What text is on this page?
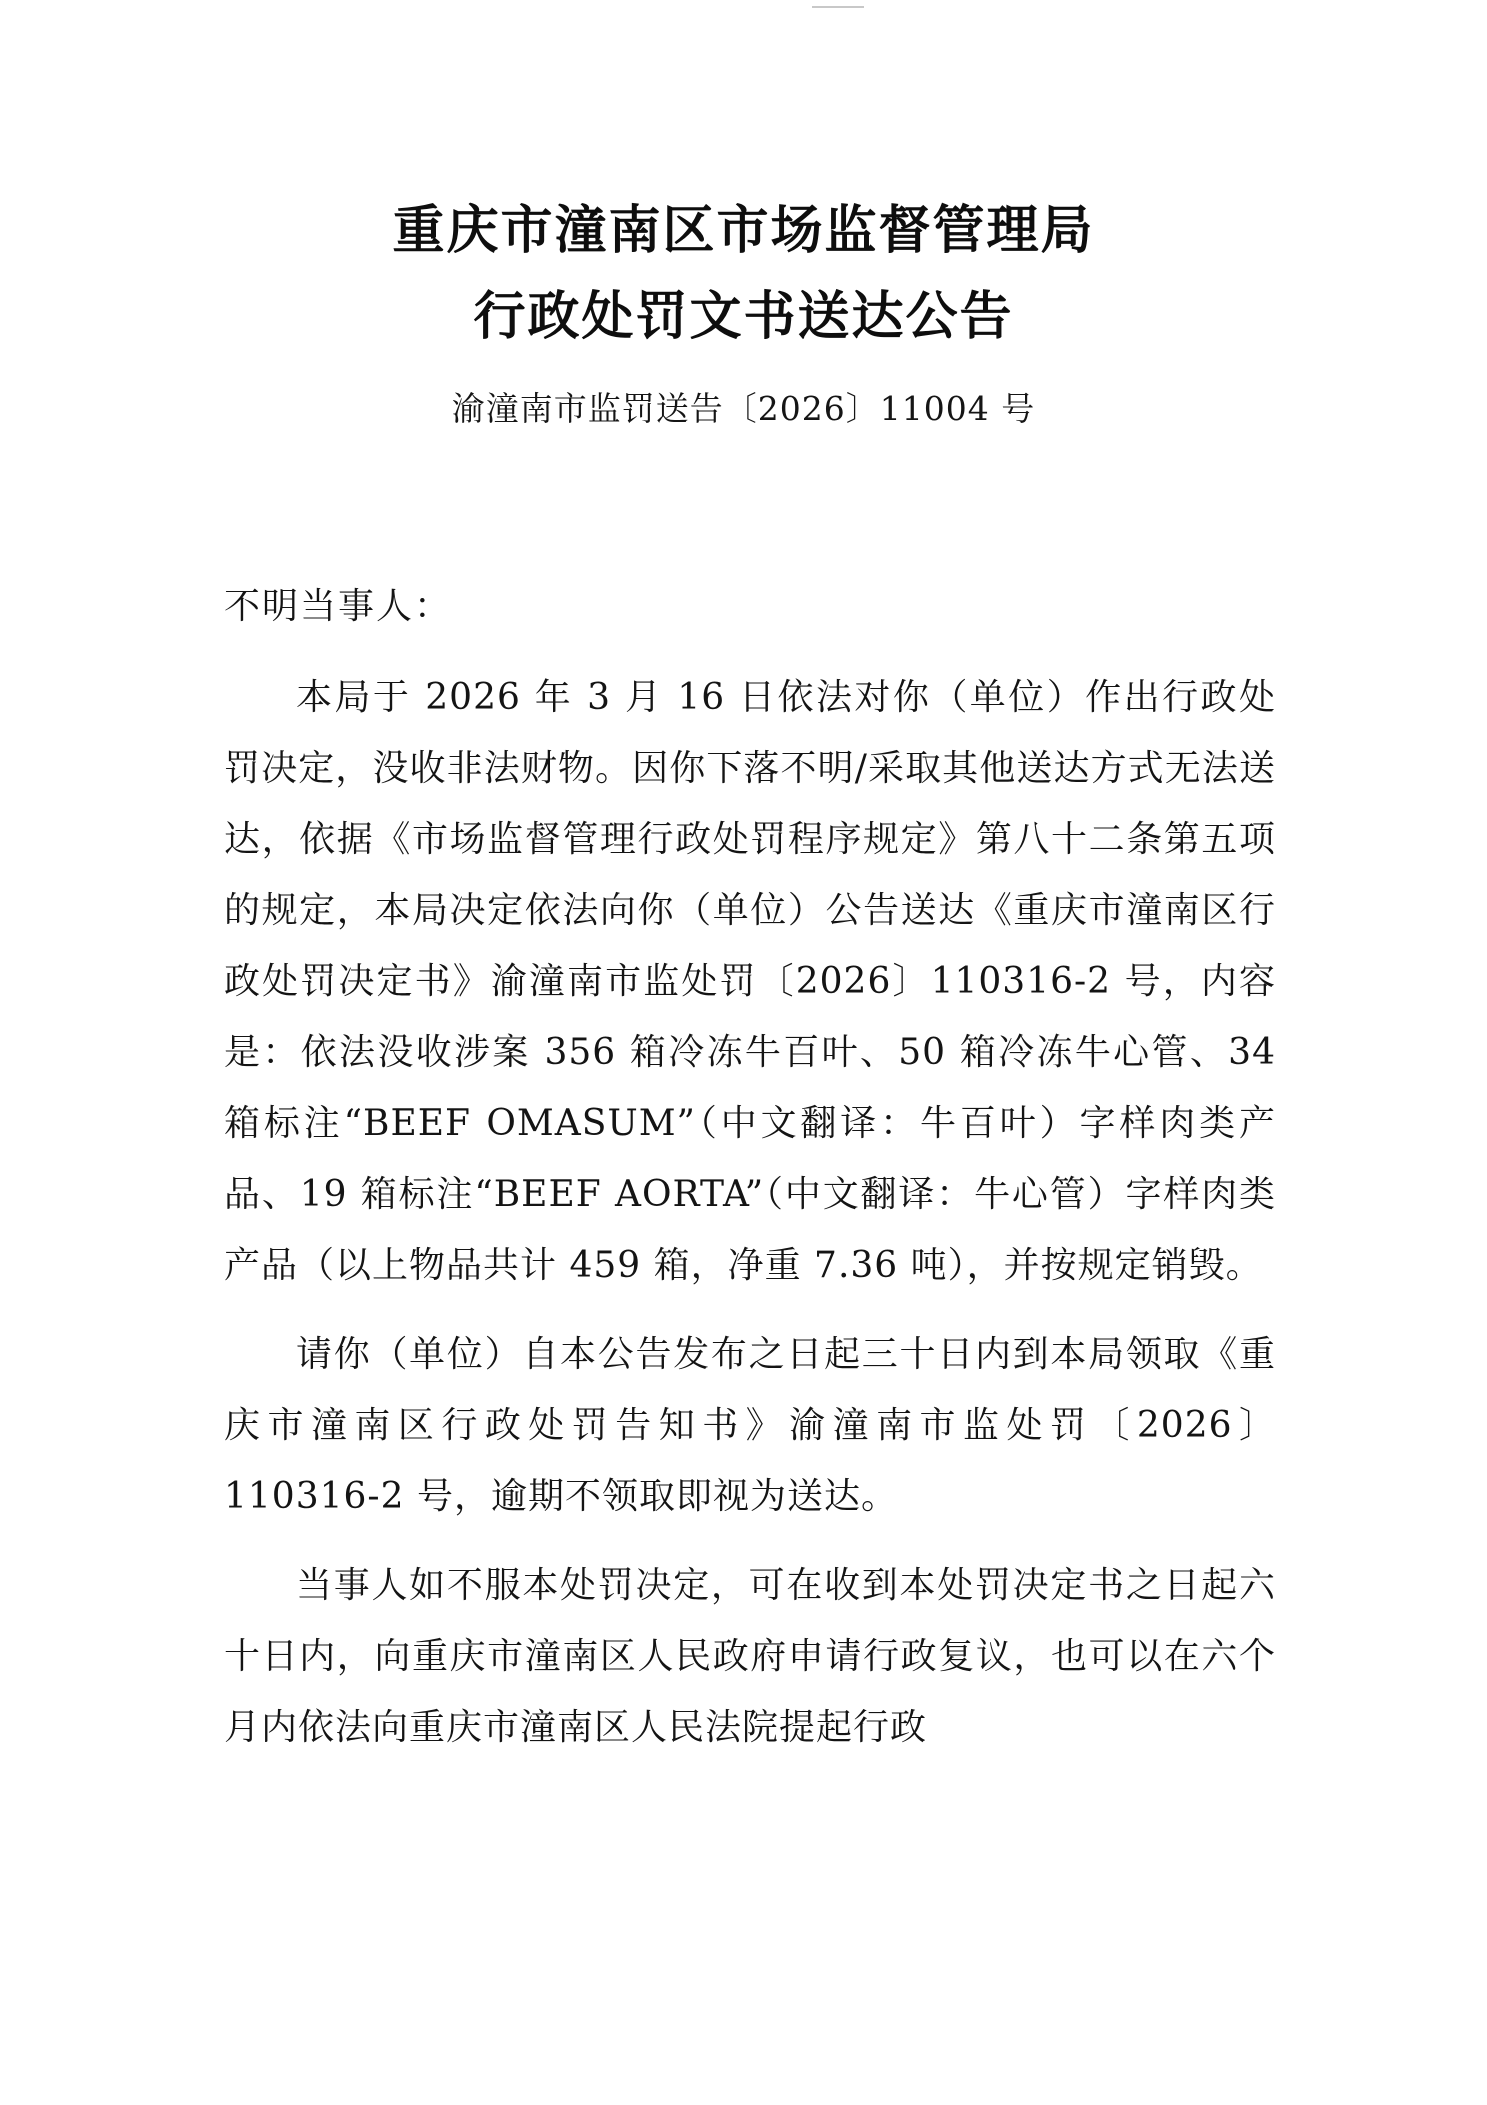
重庆市潼南区市场监督管理局
行政处罚文书送达公告
渝潼南市监罚送告〔2026〕11004 号
不明当事人：

本局于 2026 年 3 月 16 日依法对你（单位）作出行政处罚决定，没收非法财物。因你下落不明/采取其他送达方式无法送达，依据《市场监督管理行政处罚程序规定》第八十二条第五项的规定，本局决定依法向你（单位）公告送达《重庆市潼南区行政处罚决定书》渝潼南市监处罚〔2026〕110316-2 号，内容是：依法没收涉案 356 箱冷冻牛百叶、50 箱冷冻牛心管、34 箱标注“BEEF OMASUM”（中文翻译：牛百叶）字样肉类产品、19 箱标注“BEEF AORTA”（中文翻译：牛心管）字样肉类产品（以上物品共计 459 箱，净重 7.36 吨），并按规定销毁。

请你（单位）自本公告发布之日起三十日内到本局领取《重庆市潼南区行政处罚告知书》渝潼南市监处罚〔2026〕110316-2 号，逾期不领取即视为送达。

当事人如不服本处罚决定，可在收到本处罚决定书之日起六十日内，向重庆市潼南区人民政府申请行政复议，也可以在六个月内依法向重庆市潼南区人民法院提起行政
